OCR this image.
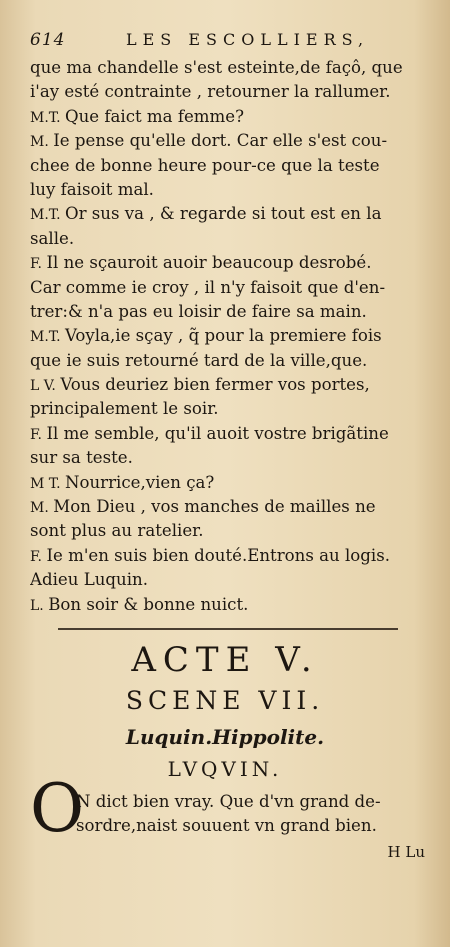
614	LES ESCOLLIERS,
que ma chandelle s'est esteinte,de façô, que
i'ay esté contrainte , retourner la rallumer.
M.T. Que faict ma femme?
M. Ie pense qu'elle dort. Car elle s'est cou-
chee de bonne heure pour-ce que la teste
luy faisoit mal.
M.T. Or sus va , & regarde si tout est en la
salle.
F. Il ne sçauroit auoir beaucoup desrobé.
Car comme ie croy , il n'y faisoit que d'en-
trer:& n'a pas eu loisir de faire sa main.
M.T. Voyla,ie sçay , q̃ pour la premiere fois
que ie suis retourné tard de la ville,que.
L V. Vous deuriez bien fermer vos portes,
principalement le soir.
F. Il me semble, qu'il auoit vostre brigãtine
sur sa teste.
M T. Nourrice,vien ça?
M. Mon Dieu , vos manches de mailles ne
sont plus au ratelier.
F. Ie m'en suis bien douté.Entrons au logis.
Adieu Luquin.
L. Bon soir & bonne nuict.
ACTE V.
SCENE VII.
Luquin.Hippolite.
LVQVIN.
O
N dict bien vray. Que d'vn grand de-
sordre,naist souuent vn grand bien.
H Lu
